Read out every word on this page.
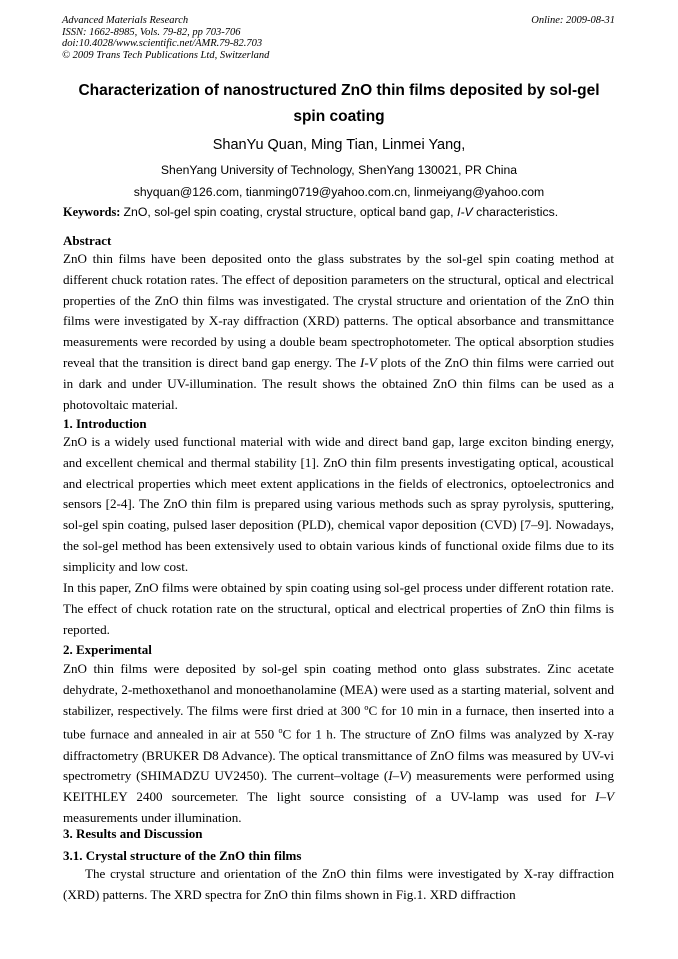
Advanced Materials Research
ISSN: 1662-8985, Vols. 79-82, pp 703-706
doi:10.4028/www.scientific.net/AMR.79-82.703
© 2009 Trans Tech Publications Ltd, Switzerland
Online: 2009-08-31
Characterization of nanostructured ZnO thin films deposited by sol-gel
spin coating
ShanYu Quan, Ming Tian, Linmei Yang,
ShenYang University of Technology, ShenYang 130021, PR China
shyquan@126.com, tianming0719@yahoo.com.cn, linmeiyang@yahoo.com
Keywords: ZnO, sol-gel spin coating, crystal structure, optical band gap, I-V characteristics.
Abstract

ZnO thin films have been deposited onto the glass substrates by the sol-gel spin coating method at different chuck rotation rates. The effect of deposition parameters on the structural, optical and electrical properties of the ZnO thin films was investigated. The crystal structure and orientation of the ZnO thin films were investigated by X-ray diffraction (XRD) patterns. The optical absorbance and transmittance measurements were recorded by using a double beam spectrophotometer. The optical absorption studies reveal that the transition is direct band gap energy. The I-V plots of the ZnO thin films were carried out in dark and under UV-illumination. The result shows the obtained ZnO thin films can be used as a photovoltaic material.

1. Introduction

ZnO is a widely used functional material with wide and direct band gap, large exciton binding energy, and excellent chemical and thermal stability [1]. ZnO thin film presents investigating optical, acoustical and electrical properties which meet extent applications in the fields of electronics, optoelectronics and sensors [2-4]. The ZnO thin film is prepared using various methods such as spray pyrolysis, sputtering, sol-gel spin coating, pulsed laser deposition (PLD), chemical vapor deposition (CVD) [7–9]. Nowadays, the sol-gel method has been extensively used to obtain various kinds of functional oxide films due to its simplicity and low cost.

In this paper, ZnO films were obtained by spin coating using sol-gel process under different rotation rate. The effect of chuck rotation rate on the structural, optical and electrical properties of ZnO thin films is reported.

2. Experimental

ZnO thin films were deposited by sol-gel spin coating method onto glass substrates. Zinc acetate dehydrate, 2-methoxethanol and monoethanolamine (MEA) were used as a starting material, solvent and stabilizer, respectively. The films were first dried at 300 ºC for 10 min in a furnace, then inserted into a tube furnace and annealed in air at 550 $^o$C for 1 h. The structure of ZnO films was analyzed by X-ray diffractometry (BRUKER D8 Advance). The optical transmittance of ZnO films was measured by UV-vi spectrometry (SHIMADZU UV2450). The current–voltage (I–V) measurements were performed using KEITHLEY 2400 sourcemeter. The light source consisting of a UV-lamp was used for I–V measurements under illumination.

3. Results and Discussion
3.1. Crystal structure of the ZnO thin films

The crystal structure and orientation of the ZnO thin films were investigated by X-ray diffraction (XRD) patterns. The XRD spectra for ZnO thin films shown in Fig.1. XRD diffraction
